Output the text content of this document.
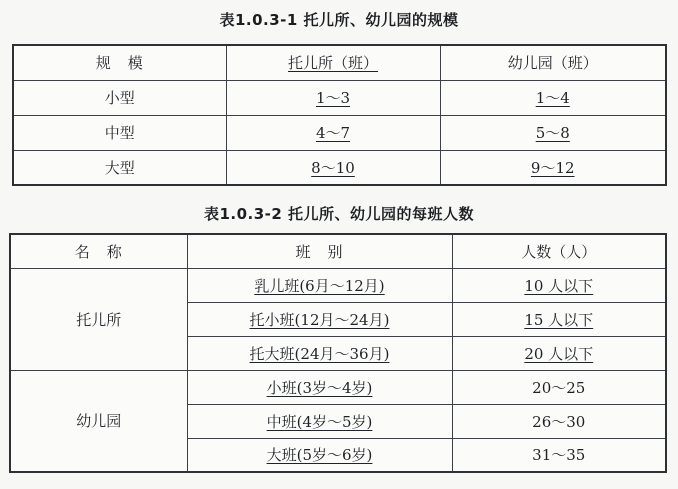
表1.0.3-1 托儿所、幼儿园的规模
规　模	托儿所（班）	幼儿园（班）
小型	1～3	1～4
中型	4～7	5～8
大型	8～10	9～12
表1.0.3-2 托儿所、幼儿园的每班人数
名　称	班　别	人数（人）
托儿所	乳儿班(6月～12月)	10 人以下
	托小班(12月～24月)	15 人以下
	托大班(24月～36月)	20 人以下
幼儿园	小班(3岁～4岁)	20～25
	中班(4岁～5岁)	26～30
	大班(5岁～6岁)	31～35
